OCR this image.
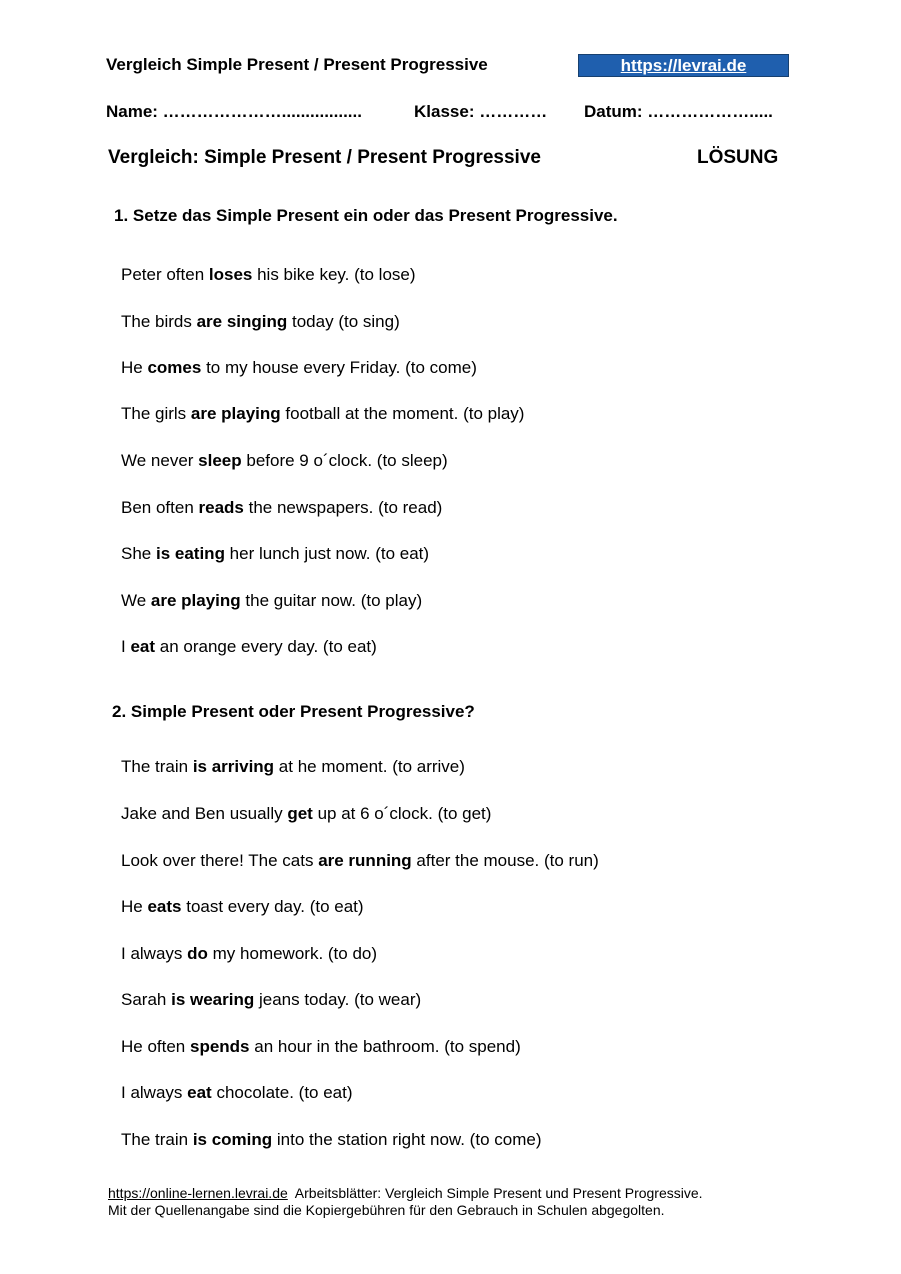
Vergleich Simple Present / Present Progressive	https://levrai.de
Name: ………………….................	Klasse: ………… Datum: ……………….....
Vergleich: Simple Present / Present Progressive	LÖSUNG
1. Setze das Simple Present ein oder das Present Progressive.
Peter often loses his bike key. (to lose)
The birds are singing today (to sing)
He comes to my house every Friday. (to come)
The girls are playing football at the moment. (to play)
We never sleep before 9 o´clock. (to sleep)
Ben often reads the newspapers. (to read)
She is eating her lunch just now. (to eat)
We are playing the guitar now. (to play)
I eat an orange every day. (to eat)
2. Simple Present oder Present Progressive?
The train is arriving at he moment. (to arrive)
Jake and Ben usually get up at 6 o´clock. (to get)
Look over there! The cats are running after the mouse. (to run)
He eats toast every day. (to eat)
I always do my homework. (to do)
Sarah is wearing jeans today. (to wear)
He often spends an hour in the bathroom. (to spend)
I always eat chocolate. (to eat)
The train is coming into the station right now. (to come)
https://online-lernen.levrai.de  Arbeitsblätter: Vergleich Simple Present und Present Progressive.
Mit der Quellenangabe sind die Kopiergebühren für den Gebrauch in Schulen abgegolten.
